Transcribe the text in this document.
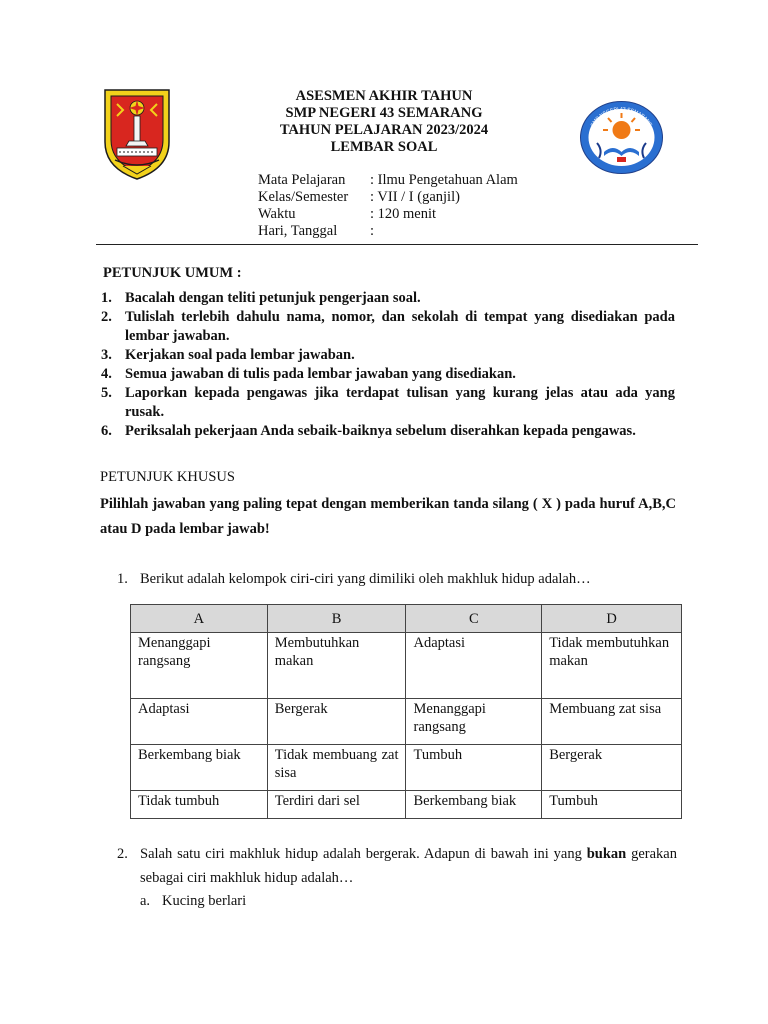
ASESMEN AKHIR TAHUN
SMP NEGERI 43 SEMARANG
TAHUN PELAJARAN 2023/2024
LEMBAR SOAL
SMP NEGERI 43 SEMARANG
Mata Pelajaran	: Ilmu Pengetahuan Alam
Kelas/Semester	: VII / I (ganjil)
Waktu	: 120 menit
Hari, Tanggal	:
PETUNJUK UMUM :
1. Bacalah dengan teliti petunjuk pengerjaan soal.
2. Tulislah terlebih dahulu nama, nomor, dan sekolah di tempat yang disediakan pada lembar jawaban.
3. Kerjakan soal pada lembar jawaban.
4. Semua jawaban di tulis pada lembar jawaban yang disediakan.
5. Laporkan kepada pengawas jika terdapat tulisan yang kurang jelas atau ada yang rusak.
6. Periksalah pekerjaan Anda sebaik-baiknya sebelum diserahkan kepada pengawas.
PETUNJUK KHUSUS
Pilihlah jawaban yang paling tepat dengan memberikan tanda silang ( X ) pada huruf A,B,C atau D pada lembar jawab!
1. Berikut adalah kelompok ciri-ciri yang dimiliki oleh makhluk hidup adalah…
A	B	C	D
Menanggapi rangsang	Membutuhkan makan	Adaptasi	Tidak membutuhkan makan
Adaptasi	Bergerak	Menanggapi rangsang	Membuang zat sisa
Berkembang biak	Tidak membuang zat sisa	Tumbuh	Bergerak
Tidak tumbuh	Terdiri dari sel	Berkembang biak	Tumbuh
2. Salah satu ciri makhluk hidup adalah bergerak. Adapun di bawah ini yang bukan gerakan sebagai ciri makhluk hidup adalah…
a. Kucing berlari
